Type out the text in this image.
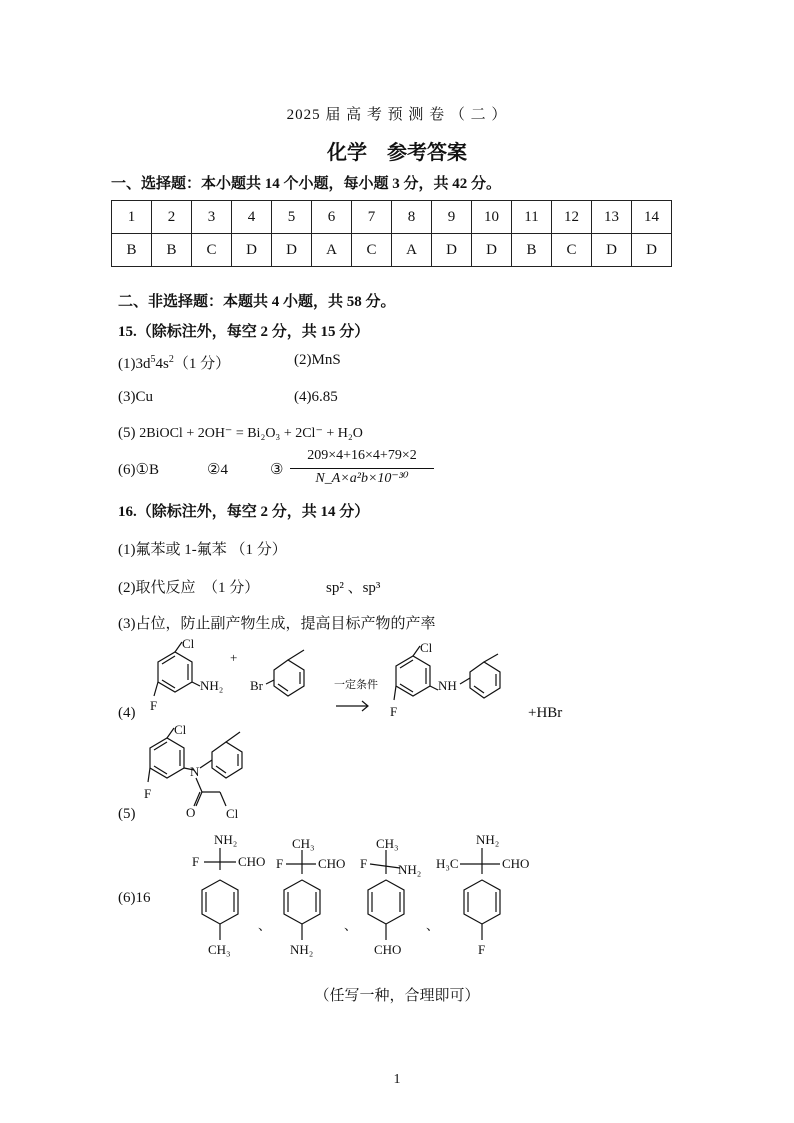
2025 届 高 考 预 测 卷 （ 二 ）
化学　参考答案
一、选择题：本小题共 14 个小题，每小题 3 分，共 42 分。
1	2	3	4	5	6	7	8	9	10	11	12	13	14
B	B	C	D	D	A	C	A	D	D	B	C	D	D
二、非选择题：本题共 4 小题，共 58 分。
15.（除标注外，每空 2 分，共 15 分）
$(1)3d^54s^2(1$ 分）	(2)MnS
(3)Cu	(4)6.85
(5) 2BiOCl + 2OH⁻ = Bi₂O₃ + 2Cl⁻ + H₂O
(6)①B	②4	③
209×4+16×4+79×2
N_A×a²b×10⁻³⁰
16.（除标注外，每空 2 分，共 14 分）
(1)氟苯或 1-氟苯 （1 分）
(2)取代反应　（1 分）	sp² 、sp³
(3)占位，防止副产物生成，提高目标产物的产率
(4)
Cl
NH₂
F
+
Br	一定条件
Cl
NH
F	+HBr
(5)
Cl
N
O Cl
F
(6)16
NH₂
F	CHO
CH₃
、
CH₃
F	CHO
NH₂
、
CH₃
F NH₂
CHO
、
NH₂
H₃C	CHO
F
（任写一种，合理即可）
1
